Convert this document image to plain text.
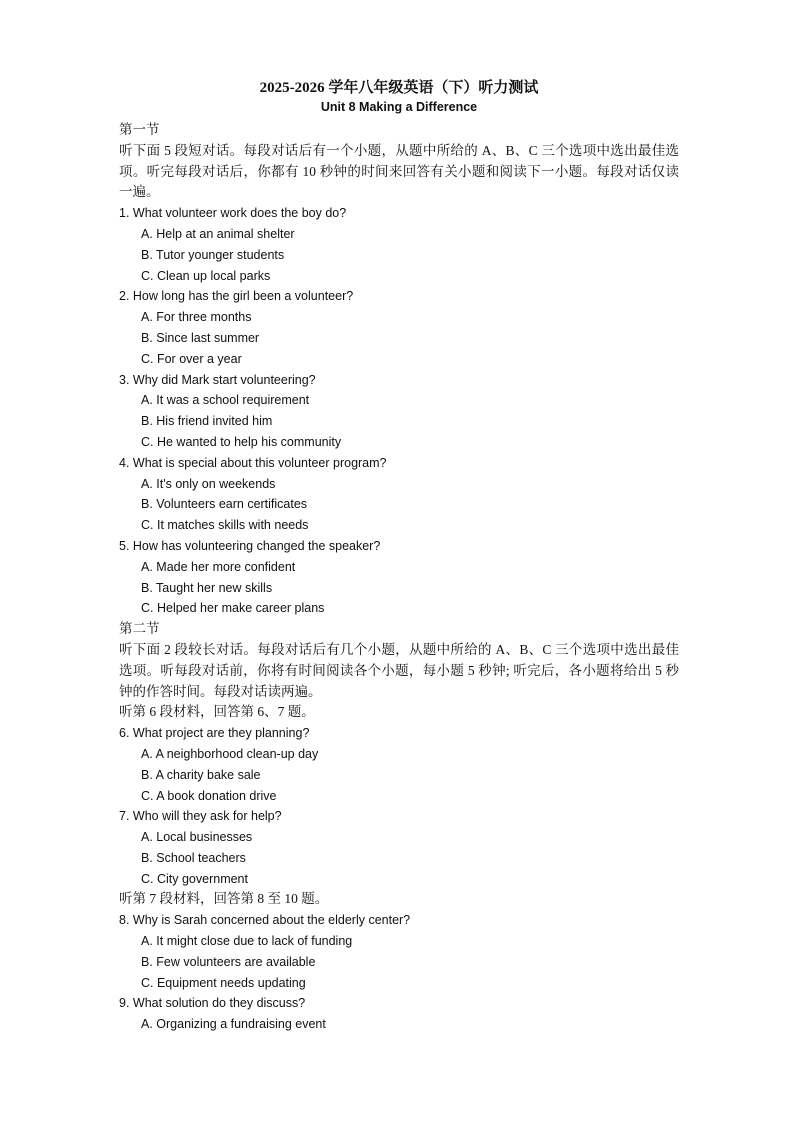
2025-2026 学年八年级英语（下）听力测试

Unit 8 Making a Difference

第一节

听下面 5 段短对话。每段对话后有一个小题，从题中所给的 A、B、C 三个选项中选出最佳选项。听完每段对话后，你都有 10 秒钟的时间来回答有关小题和阅读下一小题。每段对话仅读一遍。

1. What volunteer work does the boy do?

A. Help at an animal shelter

B. Tutor younger students

C. Clean up local parks

2. How long has the girl been a volunteer?

A. For three months

B. Since last summer

C. For over a year

3. Why did Mark start volunteering?

A. It was a school requirement

B. His friend invited him

C. He wanted to help his community

4. What is special about this volunteer program?

A. It's only on weekends

B. Volunteers earn certificates

C. It matches skills with needs

5. How has volunteering changed the speaker?

A. Made her more confident

B. Taught her new skills

C. Helped her make career plans

第二节

听下面 2 段较长对话。每段对话后有几个小题，从题中所给的 A、B、C 三个选项中选出最佳选项。听每段对话前，你将有时间阅读各个小题，每小题 5 秒钟; 听完后，各小题将给出 5 秒钟的作答时间。每段对话读两遍。

听第 6 段材料，回答第 6、7 题。

6. What project are they planning?

A. A neighborhood clean-up day

B. A charity bake sale

C. A book donation drive

7. Who will they ask for help?

A. Local businesses

B. School teachers

C. City government

听第 7 段材料，回答第 8 至 10 题。

8. Why is Sarah concerned about the elderly center?

A. It might close due to lack of funding

B. Few volunteers are available

C. Equipment needs updating

9. What solution do they discuss?

A. Organizing a fundraising event
